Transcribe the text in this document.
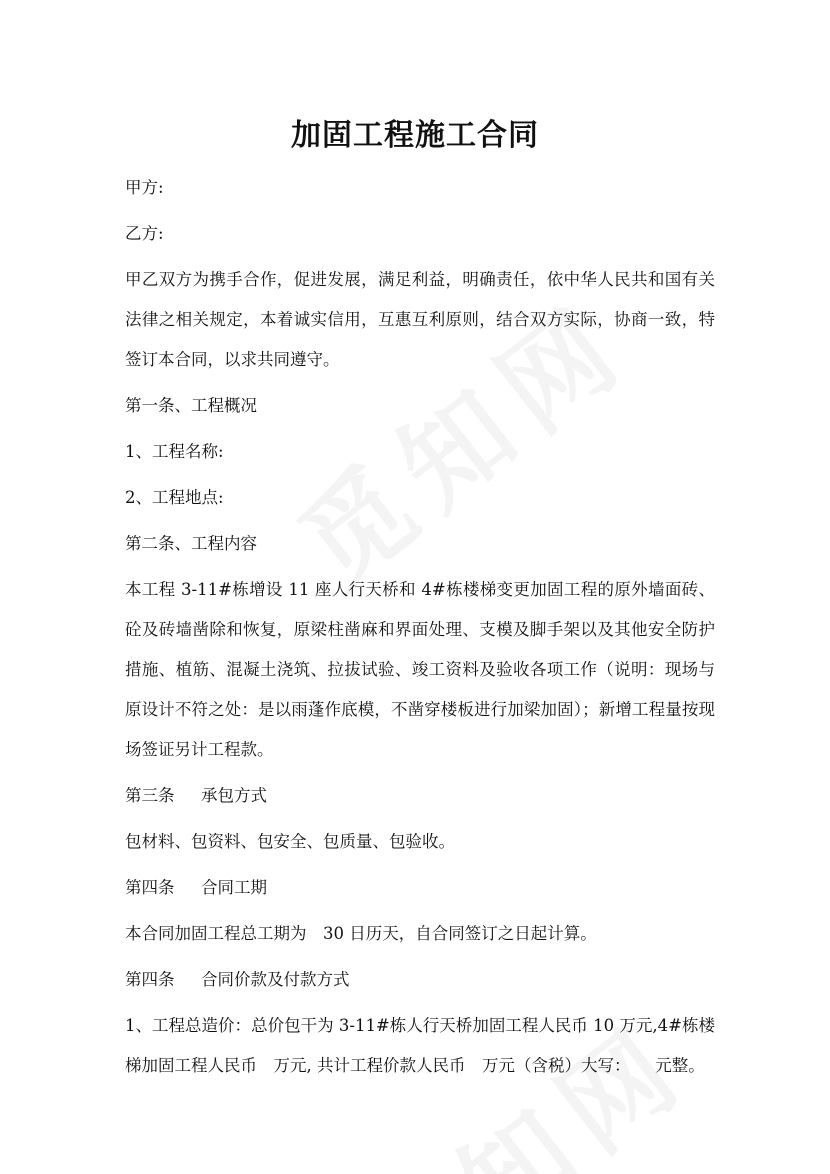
加固工程施工合同

甲方:

乙方:

甲乙双方为携手合作，促进发展，满足利益，明确责任，依中华人民共和国有关法律之相关规定，本着诚实信用，互惠互利原则，结合双方实际，协商一致，特签订本合同，以求共同遵守。

第一条、工程概况

1、工程名称:

2、工程地点:

第二条、工程内容

本工程 3-11#栋增设 11 座人行天桥和 4#栋楼梯变更加固工程的原外墙面砖、砼及砖墙凿除和恢复，原梁柱凿麻和界面处理、支模及脚手架以及其他安全防护措施、植筋、混凝土浇筑、拉拔试验、竣工资料及验收各项工作（说明：现场与原设计不符之处：是以雨蓬作底模，不凿穿楼板进行加梁加固）；新增工程量按现场签证另计工程款。

第三条 承包方式

包材料、包资料、包安全、包质量、包验收。

第四条 合同工期

本合同加固工程总工期为　30 日历天，自合同签订之日起计算。

第四条 合同价款及付款方式

1、工程总造价：总价包干为 3-11#栋人行天桥加固工程人民币 10 万元,4#栋楼梯加固工程人民币　万元, 共计工程价款人民币　万元（含税）大写：　　元整。
